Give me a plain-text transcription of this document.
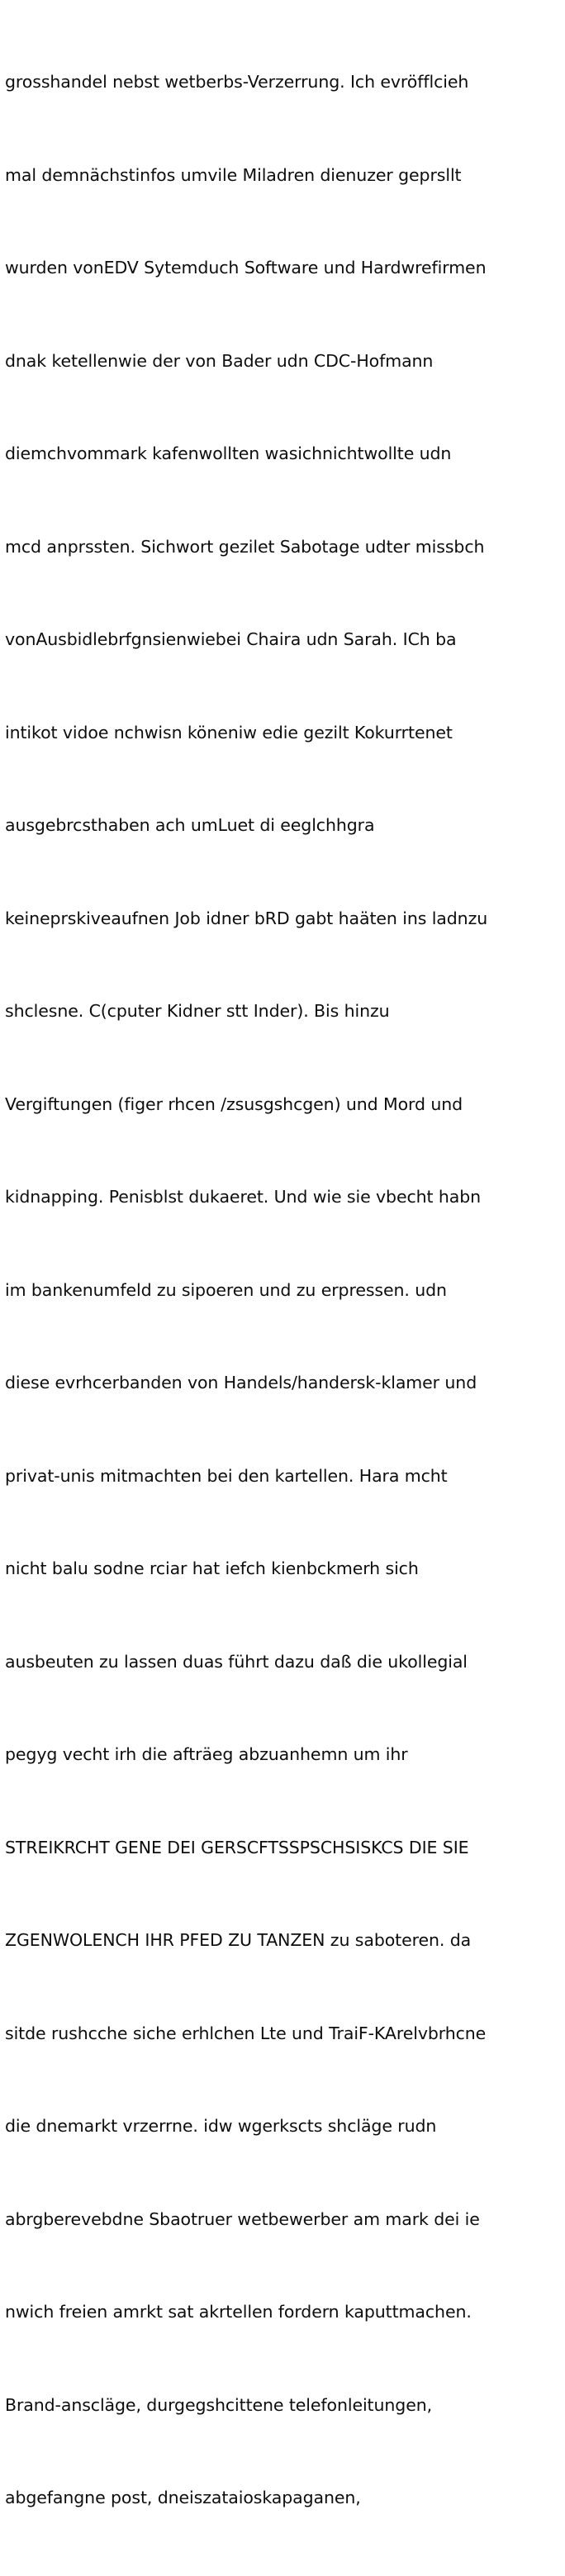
grosshandel nebst wetberbs-Verzerrung. Ich evröfflcieh

mal demnächstinfos umvile Miladren dienuzer geprsllt

wurden vonEDV Sytemduch Software und Hardwrefirmen

dnak ketellenwie der von Bader udn CDC-Hofmann

diemchvommark kafenwollten wasichnichtwollte udn

mcd anprssten. Sichwort gezilet Sabotage udter missbch

vonAusbidlebrfgnsienwiebei Chaira udn Sarah. ICh ba

intikot vidoe nchwisn köneniw edie gezilt Kokurrtenet

ausgebrcsthaben ach umLuet di eeglchhgra

keineprskiveaufnen Job idner bRD gabt haäten ins ladnzu

shclesne. C(cputer Kidner stt Inder). Bis hinzu

Vergiftungen (figer rhcen /zsusgshcgen) und Mord und

kidnapping. Penisblst dukaeret. Und wie sie vbecht habn

im bankenumfeld zu sipoeren und zu erpressen. udn

diese evrhcerbanden von Handels/handersk-klamer und

privat-unis mitmachten bei den kartellen. Hara mcht

nicht balu sodne rciar hat iefch kienbckmerh sich

ausbeuten zu lassen duas führt dazu daß die ukollegial

pegyg vecht irh die afträeg abzuanhemn um ihr

STREIKRCHT GENE DEI GERSCFTSSPSCHSISKCS DIE SIE

ZGENWOLENCH IHR PFED ZU TANZEN zu saboteren. da

sitde rushcche siche erhlchen Lte und TraiF-KArelvbrhcne

die dnemarkt vrzerrne. idw wgerkscts shcläge rudn

abrgberevebdne Sbaotruer wetbewerber am mark dei ie

nwich freien amrkt sat akrtellen fordern kaputtmachen.

Brand-anscläge, durgegshcittene telefonleitungen,

abgefangne post, dneiszataioskapaganen,
